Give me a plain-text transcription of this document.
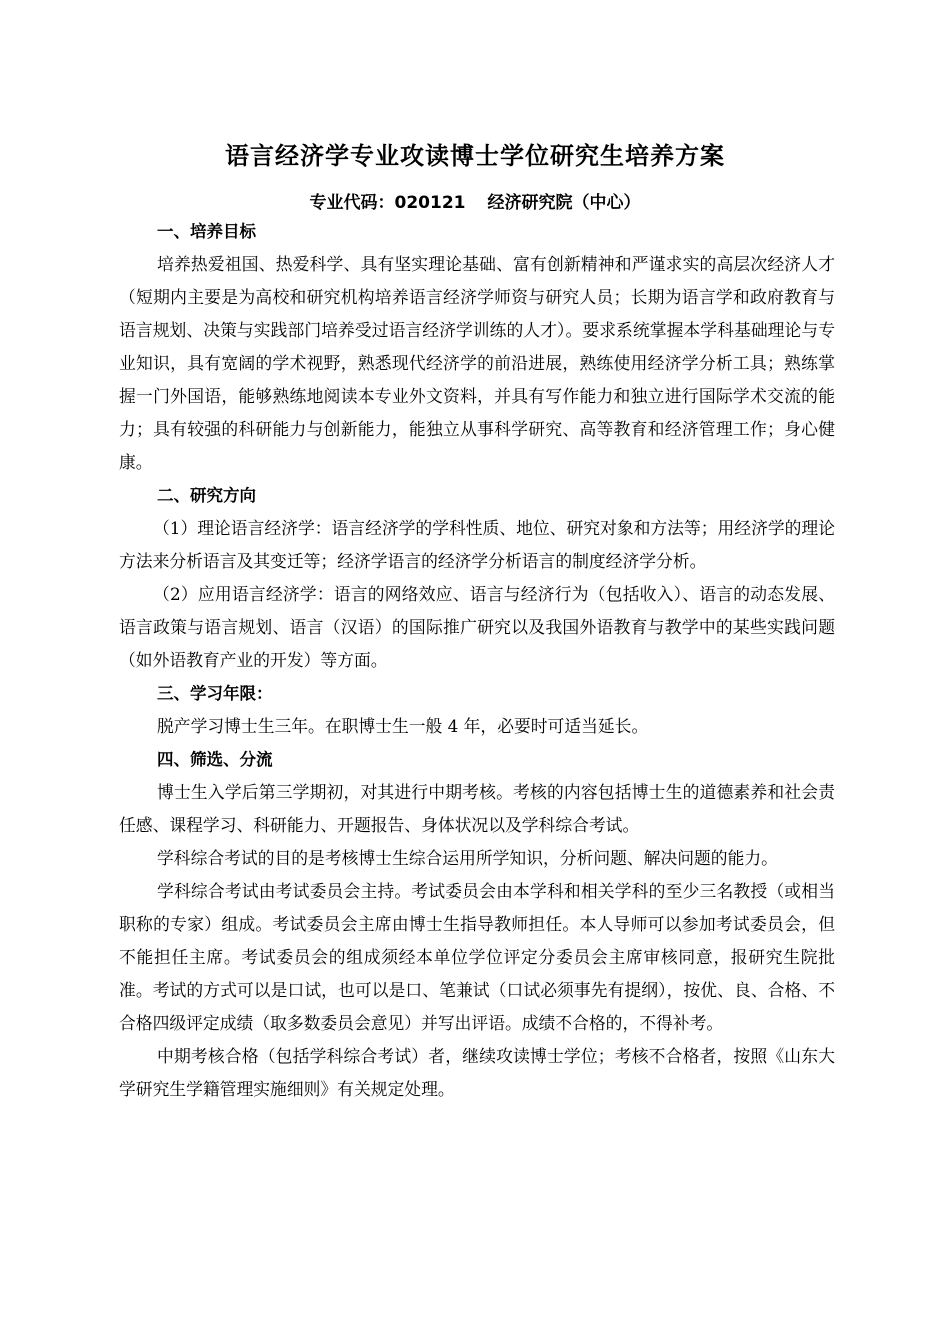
语言经济学专业攻读博士学位研究生培养方案
专业代码：020121 经济研究院（中心）
一、培养目标

培养热爱祖国、热爱科学、具有坚实理论基础、富有创新精神和严谨求实的高层次经济人才（短期内主要是为高校和研究机构培养语言经济学师资与研究人员；长期为语言学和政府教育与语言规划、决策与实践部门培养受过语言经济学训练的人才）。要求系统掌握本学科基础理论与专业知识，具有宽阔的学术视野，熟悉现代经济学的前沿进展，熟练使用经济学分析工具；熟练掌握一门外国语，能够熟练地阅读本专业外文资料，并具有写作能力和独立进行国际学术交流的能力；具有较强的科研能力与创新能力，能独立从事科学研究、高等教育和经济管理工作；身心健康。

二、研究方向

（1）理论语言经济学：语言经济学的学科性质、地位、研究对象和方法等；用经济学的理论方法来分析语言及其变迁等；经济学语言的经济学分析语言的制度经济学分析。

（2）应用语言经济学：语言的网络效应、语言与经济行为（包括收入）、语言的动态发展、语言政策与语言规划、语言（汉语）的国际推广研究以及我国外语教育与教学中的某些实践问题（如外语教育产业的开发）等方面。

三、学习年限：

脱产学习博士生三年。在职博士生一般 4 年，必要时可适当延长。

四、筛选、分流

博士生入学后第三学期初，对其进行中期考核。考核的内容包括博士生的道德素养和社会责任感、课程学习、科研能力、开题报告、身体状况以及学科综合考试。

学科综合考试的目的是考核博士生综合运用所学知识，分析问题、解决问题的能力。

学科综合考试由考试委员会主持。考试委员会由本学科和相关学科的至少三名教授（或相当职称的专家）组成。考试委员会主席由博士生指导教师担任。本人导师可以参加考试委员会，但不能担任主席。考试委员会的组成须经本单位学位评定分委员会主席审核同意，报研究生院批准。考试的方式可以是口试，也可以是口、笔兼试（口试必须事先有提纲），按优、良、合格、不合格四级评定成绩（取多数委员会意见）并写出评语。成绩不合格的，不得补考。

中期考核合格（包括学科综合考试）者，继续攻读博士学位；考核不合格者，按照《山东大学研究生学籍管理实施细则》有关规定处理。
